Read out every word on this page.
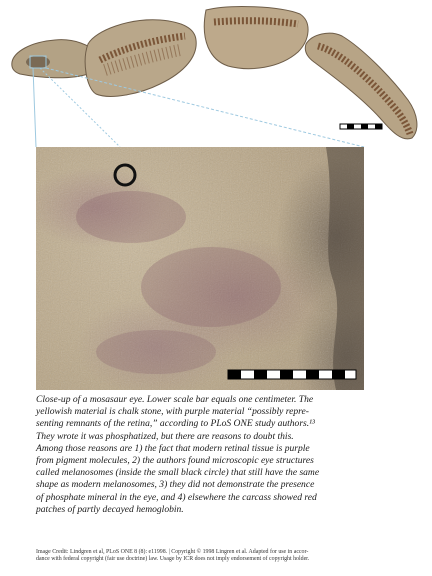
Close-up of a mosasaur eye. Lower scale bar equals one centimeter. The

yellowish material is chalk stone, with purple material “possibly repre-

senting remnants of the retina,” according to PLoS ONE study authors.¹³

They wrote it was phosphatized, but there are reasons to doubt this.

Among those reasons are 1) the fact that modern retinal tissue is purple

from pigment molecules, 2) the authors found microscopic eye structures

called melanosomes (inside the small black circle) that still have the same

shape as modern melanosomes, 3) they did not demonstrate the presence

of phosphate mineral in the eye, and 4) elsewhere the carcass showed red

patches of partly decayed hemoglobin.

Image Credit: Lindgren et al, PLoS ONE 8 (8): e11998. | Copyright © 1998 Lingren et al. Adapted for use in accor-

dance with federal copyright (fair use doctrine) law. Usage by ICR does not imply endorsement of copyright holder.
